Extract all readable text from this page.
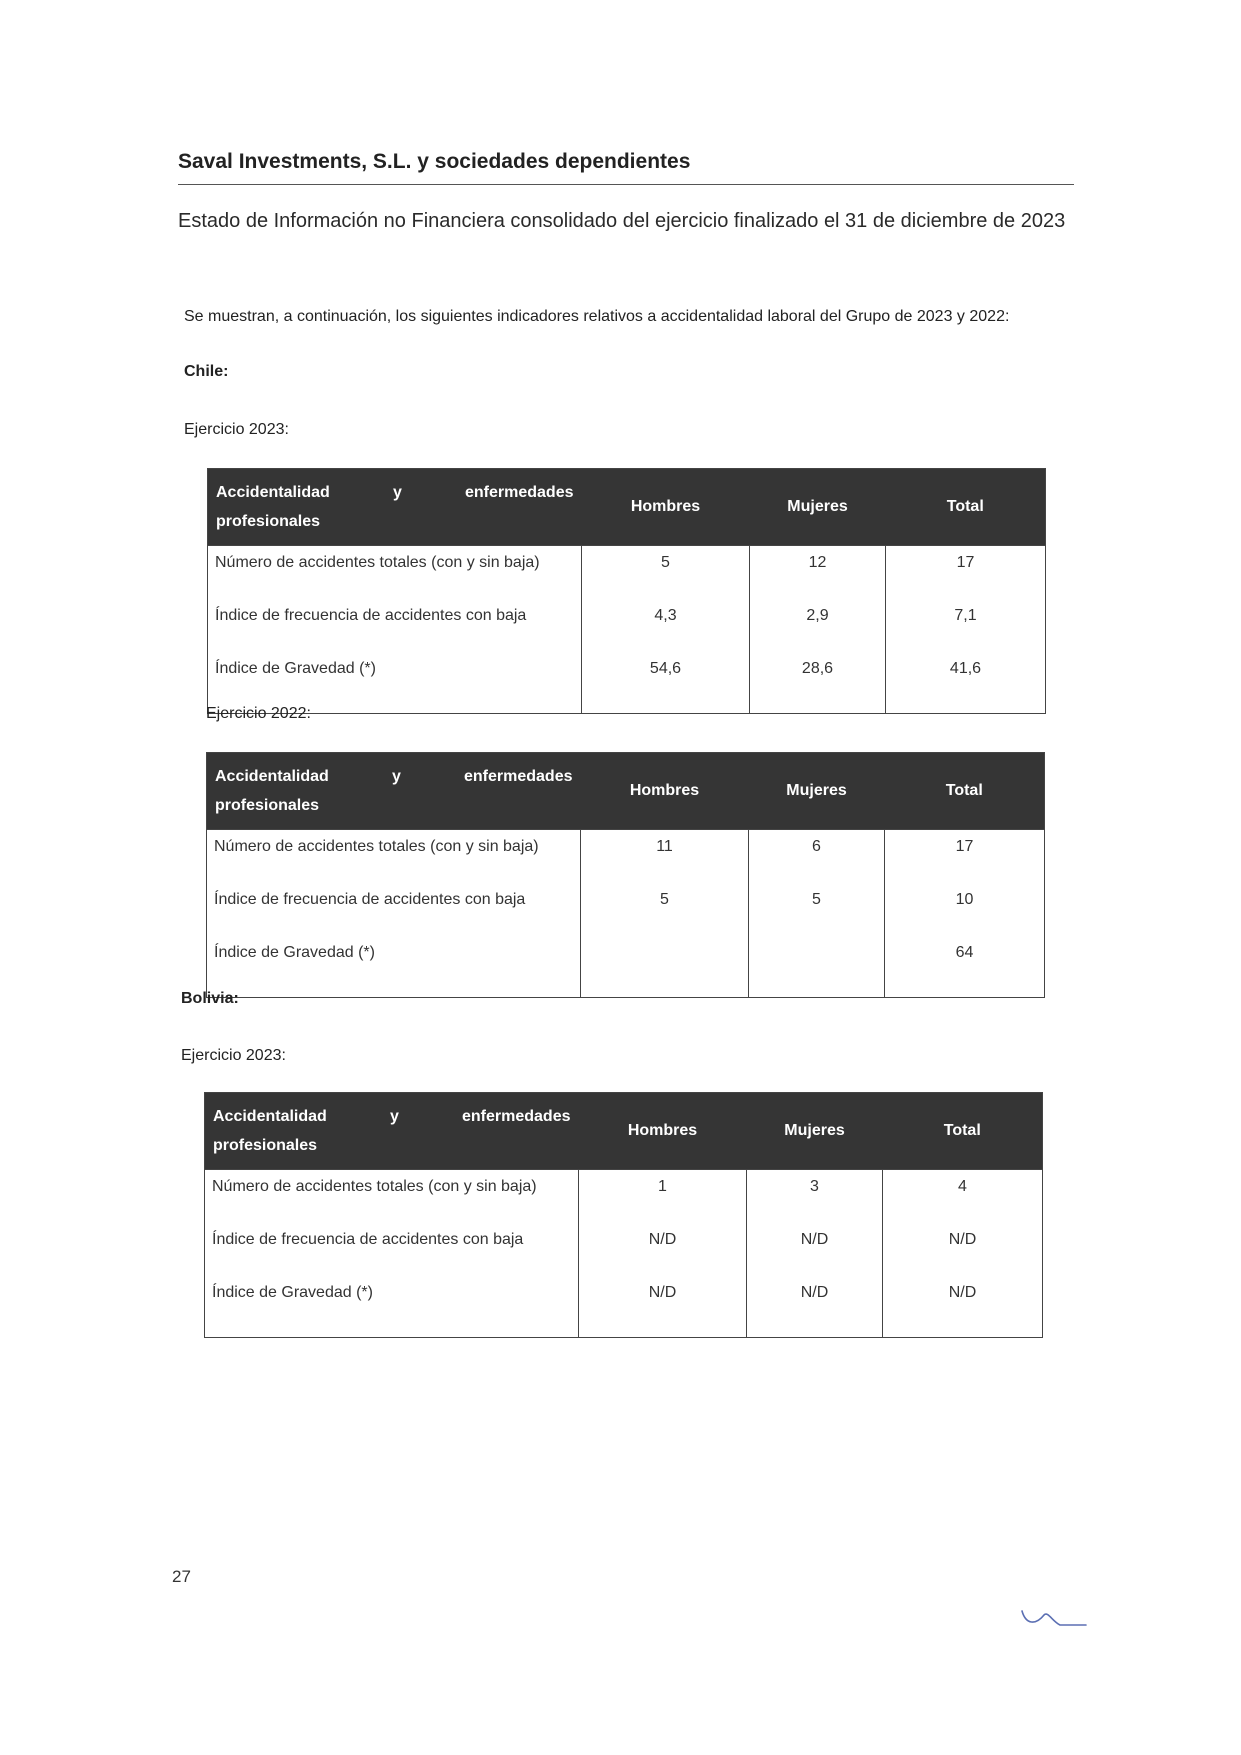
Saval Investments, S.L. y sociedades dependientes
Estado de Información no Financiera consolidado del ejercicio finalizado el 31 de diciembre de 2023
Se muestran, a continuación, los siguientes indicadores relativos a accidentalidad laboral del Grupo de 2023 y 2022:
Chile:
Ejercicio 2023:
Accidentalidad y enfermedades
profesionales	Hombres	Mujeres	Total
Número de accidentes totales (con y sin baja)	5	12	17
Índice de frecuencia de accidentes con baja	4,3	2,9	7,1
Índice de Gravedad (*)	54,6	28,6	41,6
Ejercicio 2022:
Accidentalidad y enfermedades
profesionales	Hombres	Mujeres	Total
Número de accidentes totales (con y sin baja)	11	6	17
Índice de frecuencia de accidentes con baja	5	5	10
Índice de Gravedad (*)			64
Bolivia:
Ejercicio 2023:
Accidentalidad y enfermedades
profesionales	Hombres	Mujeres	Total
Número de accidentes totales (con y sin baja)	1	3	4
Índice de frecuencia de accidentes con baja	N/D	N/D	N/D
Índice de Gravedad (*)	N/D	N/D	N/D
27
